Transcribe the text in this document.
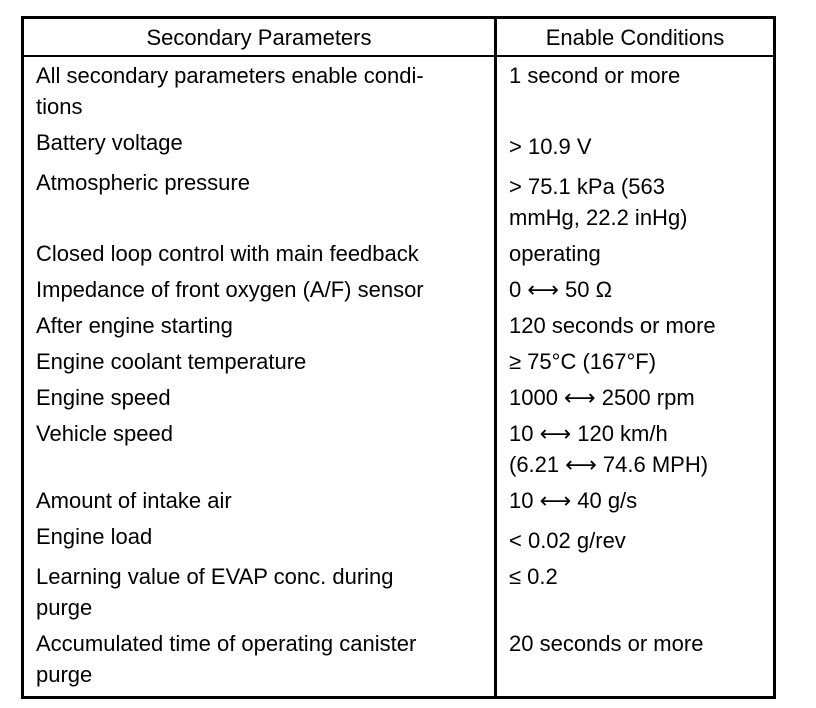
Secondary Parameters	Enable Conditions
All secondary parameters enable condi-
tions	1 second or more
Battery voltage	> 10.9 V
Atmospheric pressure	> 75.1 kPa (563
mmHg, 22.2 inHg)
Closed loop control with main feedback	operating
Impedance of front oxygen (A/F) sensor	0 ⟷ 50 Ω
After engine starting	120 seconds or more
Engine coolant temperature	≥ 75°C (167°F)
Engine speed	1000 ⟷ 2500 rpm
Vehicle speed	10 ⟷ 120 km/h
(6.21 ⟷ 74.6 MPH)
Amount of intake air	10 ⟷ 40 g/s
Engine load	< 0.02 g/rev
Learning value of EVAP conc. during
purge	≤ 0.2
Accumulated time of operating canister
purge	20 seconds or more
